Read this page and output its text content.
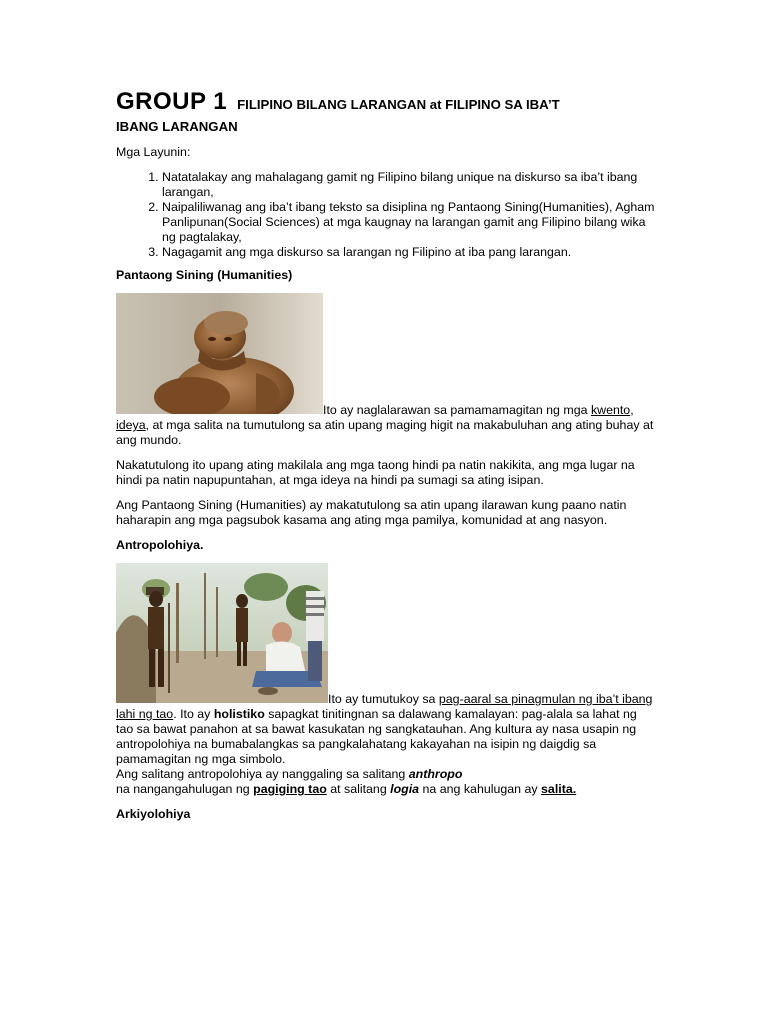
GROUP 1 FILIPINO BILANG LARANGAN at FILIPINO SA IBA’T
IBANG LARANGAN

Mga Layunin:

1. Natatalakay ang mahalagang gamit ng Filipino bilang unique na diskurso sa iba’t ibang larangan,
2. Naipaliliwanag ang iba’t ibang teksto sa disiplina ng Pantaong Sining(Humanities), Agham Panlipunan(Social Sciences) at mga kaugnay na larangan gamit ang Filipino bilang wika ng pagtalakay,
3. Nagagamit ang mga diskurso sa larangan ng Filipino at iba pang larangan.
Pantaong Sining (Humanities)

Ito ay naglalarawan sa pamamamagitan ng mga kwento, ideya, at mga salita na tumutulong sa atin upang maging higit na makabuluhan ang ating buhay at ang mundo.

Nakatutulong ito upang ating makilala ang mga taong hindi pa natin nakikita, ang mga lugar na hindi pa natin napupuntahan, at mga ideya na hindi pa sumagi sa ating isipan.

Ang Pantaong Sining (Humanities) ay makatutulong sa atin upang ilarawan kung paano natin haharapin ang mga pagsubok kasama ang ating mga pamilya, komunidad at ang nasyon.

Antropolohiya.

Ito ay tumutukoy sa pag-aaral sa pinagmulan ng iba’t ibang lahi ng tao. Ito ay holistiko sapagkat tinitingnan sa dalawang kamalayan: pag-alala sa lahat ng tao sa bawat panahon at sa bawat kasukatan ng sangkatauhan. Ang kultura ay nasa usapin ng antropolohiya na bumabalangkas sa pangkalahatang kakayahan na isipin ng daigdig sa pamamagitan ng mga simbolo.

Ang salitang antropolohiya ay nanggaling sa salitang anthropo
na nangangahulugan ng pagiging tao at salitang logia na ang kahulugan ay salita.

Arkiyolohiya
